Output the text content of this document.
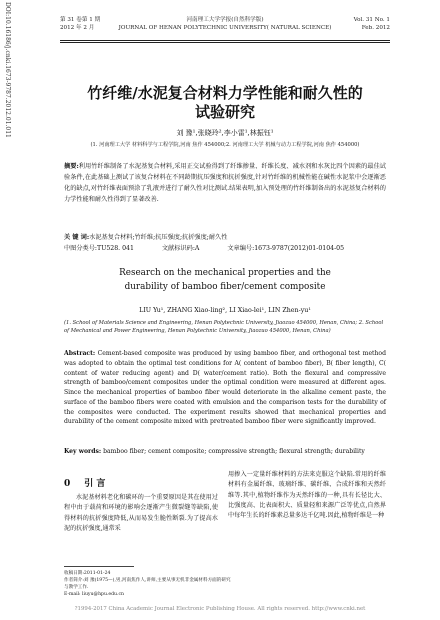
DOI:10.16186/j.cnki.1673-9787.2012.01.011	第 31 卷第 1 期
2012 年 2 月
河南理工大学学报(自然科学版)
JOURNAL OF HENAN POLYTECHNIC UNIVERSITY( NATURAL SCIENCE)
Vol. 31 No. 1
Feb. 2012
竹纤维/水泥复合材料力学性能和耐久性的
试验研究
刘 豫¹,张晓玲²,李小雷¹,林振钰¹
(1. 河南理工大学 材料科学与工程学院,河南 焦作 454000;2. 河南理工大学 机械与动力工程学院,河南 焦作 454000)
摘要:利用竹纤维制备了水泥基复合材料,采用正交试验得到了纤维掺量、纤维长度、减水剂和水灰比四个因素的最佳试验条件,在此基础上测试了该复合材料在不同龄期抗压强度和抗折强度,针对竹纤维的机械性能在碱性水泥浆中会逐渐恶化的缺点,对竹纤维表面预涂了乳液并进行了耐久性对比测试.结果表明,加入预处理的竹纤维制备出的水泥基复合材料的力学性能和耐久性得到了显著改善.
关 键 词:水泥基复合材料;竹纤维;抗压强度;抗折强度;耐久性
中图分类号:TU528. 041	文献标识码:A	文章编号:1673-9787(2012)01-0104-05
Research on the mechanical properties and the
durability of bamboo fiber/cement composite
LIU Yu¹, ZHANG Xiao-ling², LI Xiao-lei¹, LIN Zhen-yu¹
(1. School of Materials Science and Engineering, Henan Polytechnic University, Jiaozuo 454000, Henan, China; 2. School of Mechanical and Power Engineering, Henan Polytechnic University, Jiaozuo 454000, Henan, China)
Abstract: Cement-based composite was produced by using bamboo fiber, and orthogonal test method was adopted to obtain the optimal test conditions for A( content of bamboo fiber), B( fiber length), C( content of water reducing agent) and D( water/cement ratio). Both the flexural and compressive strength of bamboo/cement composites under the optimal condition were measured at different ages. Since the mechanical properties of bamboo fiber would deteriorate in the alkaline cement paste, the surface of the bamboo fibers were coated with emulsion and the comparison tests for the durability of the composites were conducted. The experiment results showed that mechanical properties and durability of the cement composite mixed with pretreated bamboo fiber were significantly improved.
Key words: bamboo fiber; cement composite; compressive strength; flexural strength; durability
0 引 言

水泥基材料老化和碳环的一个重要原因是其在使用过程中由于载荷和环境的影响会逐渐产生微裂缝等缺陷,使得材料的抗折强度降低,从而易发生脆性断裂.为了提高水泥的抗折强度,通常采

用掺入一定量纤维材料的方法来克服这个缺陷.常用的纤维材料有金属纤维、玻璃纤维、碳纤维、合成纤维和天然纤维等.其中,植物纤维作为天然纤维的一种,具有长径比大、比强度高、比表面积大、质量轻和来源广泛等优点,自然界中每年生长的纤维素总量多达千亿吨.因此,植物纤维是一种

收稿日期:2011-01-24
作者简介:刘 豫(1975—),男,河南焦作人,讲师,主要从事无机非金属材料方面的研究与教学工作.
E-mail: liuyu@hpu.edu.cn
?1994-2017 China Academic Journal Electronic Publishing House. All rights reserved. http://www.cnki.net
